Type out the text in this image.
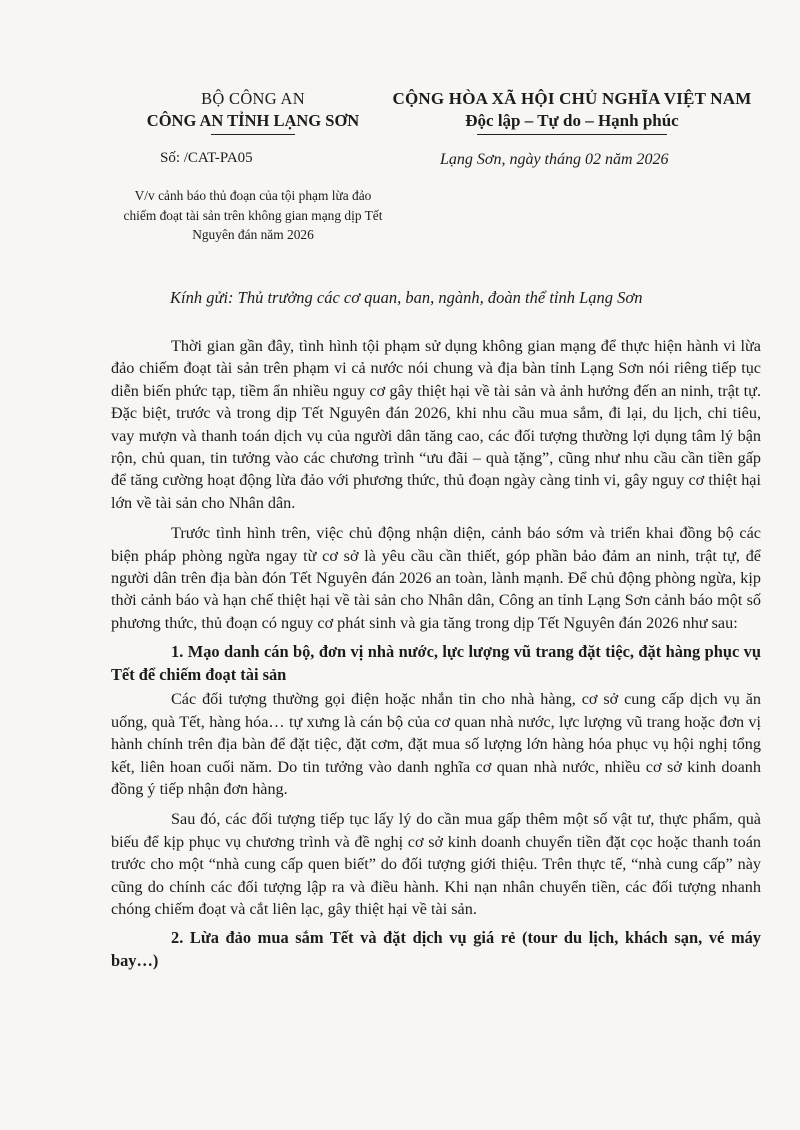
BỘ CÔNG AN
CÔNG AN TỈNH LẠNG SƠN
CỘNG HÒA XÃ HỘI CHỦ NGHĨA VIỆT NAM
Độc lập – Tự do – Hạnh phúc
Số: /CAT-PA05	Lạng Sơn, ngày tháng 02 năm 2026
V/v cảnh báo thủ đoạn của tội phạm lừa đảo chiếm đoạt tài sản trên không gian mạng dịp Tết Nguyên đán năm 2026
Kính gửi: Thủ trưởng các cơ quan, ban, ngành, đoàn thể tỉnh Lạng Sơn

Thời gian gần đây, tình hình tội phạm sử dụng không gian mạng để thực hiện hành vi lừa đảo chiếm đoạt tài sản trên phạm vi cả nước nói chung và địa bàn tỉnh Lạng Sơn nói riêng tiếp tục diễn biến phức tạp, tiềm ẩn nhiều nguy cơ gây thiệt hại về tài sản và ảnh hưởng đến an ninh, trật tự. Đặc biệt, trước và trong dịp Tết Nguyên đán 2026, khi nhu cầu mua sắm, đi lại, du lịch, chi tiêu, vay mượn và thanh toán dịch vụ của người dân tăng cao, các đối tượng thường lợi dụng tâm lý bận rộn, chủ quan, tin tưởng vào các chương trình “ưu đãi – quà tặng”, cũng như nhu cầu cần tiền gấp để tăng cường hoạt động lừa đảo với phương thức, thủ đoạn ngày càng tinh vi, gây nguy cơ thiệt hại lớn về tài sản cho Nhân dân.

Trước tình hình trên, việc chủ động nhận diện, cảnh báo sớm và triển khai đồng bộ các biện pháp phòng ngừa ngay từ cơ sở là yêu cầu cần thiết, góp phần bảo đảm an ninh, trật tự, để người dân trên địa bàn đón Tết Nguyên đán 2026 an toàn, lành mạnh. Để chủ động phòng ngừa, kịp thời cảnh báo và hạn chế thiệt hại về tài sản cho Nhân dân, Công an tỉnh Lạng Sơn cảnh báo một số phương thức, thủ đoạn có nguy cơ phát sinh và gia tăng trong dịp Tết Nguyên đán 2026 như sau:

1. Mạo danh cán bộ, đơn vị nhà nước, lực lượng vũ trang đặt tiệc, đặt hàng phục vụ Tết để chiếm đoạt tài sản

Các đối tượng thường gọi điện hoặc nhắn tin cho nhà hàng, cơ sở cung cấp dịch vụ ăn uống, quà Tết, hàng hóa… tự xưng là cán bộ của cơ quan nhà nước, lực lượng vũ trang hoặc đơn vị hành chính trên địa bàn để đặt tiệc, đặt cơm, đặt mua số lượng lớn hàng hóa phục vụ hội nghị tổng kết, liên hoan cuối năm. Do tin tưởng vào danh nghĩa cơ quan nhà nước, nhiều cơ sở kinh doanh đồng ý tiếp nhận đơn hàng.

Sau đó, các đối tượng tiếp tục lấy lý do cần mua gấp thêm một số vật tư, thực phẩm, quà biếu để kịp phục vụ chương trình và đề nghị cơ sở kinh doanh chuyển tiền đặt cọc hoặc thanh toán trước cho một “nhà cung cấp quen biết” do đối tượng giới thiệu. Trên thực tế, “nhà cung cấp” này cũng do chính các đối tượng lập ra và điều hành. Khi nạn nhân chuyển tiền, các đối tượng nhanh chóng chiếm đoạt và cắt liên lạc, gây thiệt hại về tài sản.

2. Lừa đảo mua sắm Tết và đặt dịch vụ giá rẻ (tour du lịch, khách sạn, vé máy bay…)
